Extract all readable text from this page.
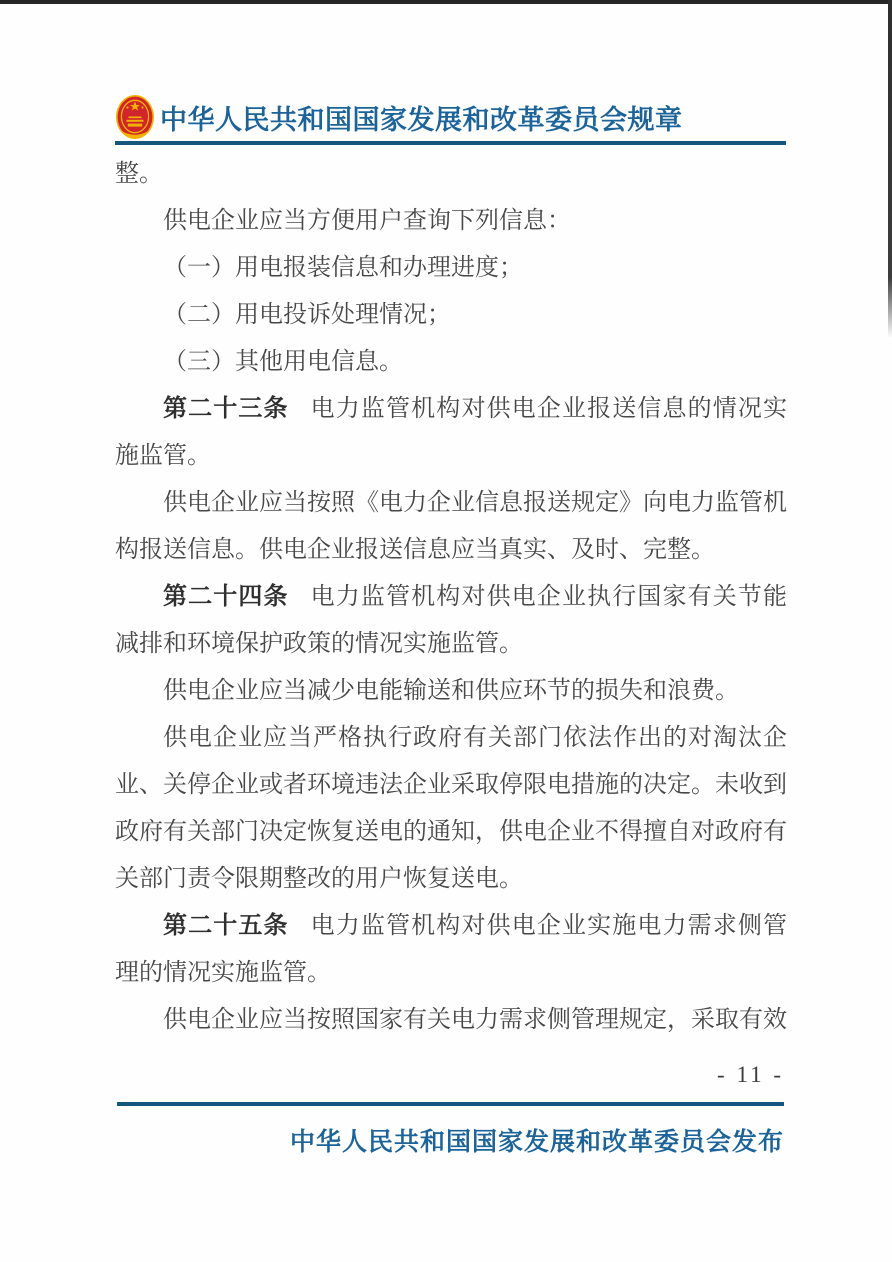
中华人民共和国国家发展和改革委员会规章
整。
供电企业应当方便用户查询下列信息：
（一）用电报装信息和办理进度；
（二）用电投诉处理情况；
（三）其他用电信息。
第二十三条 电力监管机构对供电企业报送信息的情况实
施监管。
供电企业应当按照《电力企业信息报送规定》向电力监管机
构报送信息。供电企业报送信息应当真实、及时、完整。
第二十四条 电力监管机构对供电企业执行国家有关节能
减排和环境保护政策的情况实施监管。
供电企业应当减少电能输送和供应环节的损失和浪费。
供电企业应当严格执行政府有关部门依法作出的对淘汰企
业、关停企业或者环境违法企业采取停限电措施的决定。未收到
政府有关部门决定恢复送电的通知，供电企业不得擅自对政府有
关部门责令限期整改的用户恢复送电。
第二十五条 电力监管机构对供电企业实施电力需求侧管
理的情况实施监管。
供电企业应当按照国家有关电力需求侧管理规定，采取有效
- 11 -
中华人民共和国国家发展和改革委员会发布
